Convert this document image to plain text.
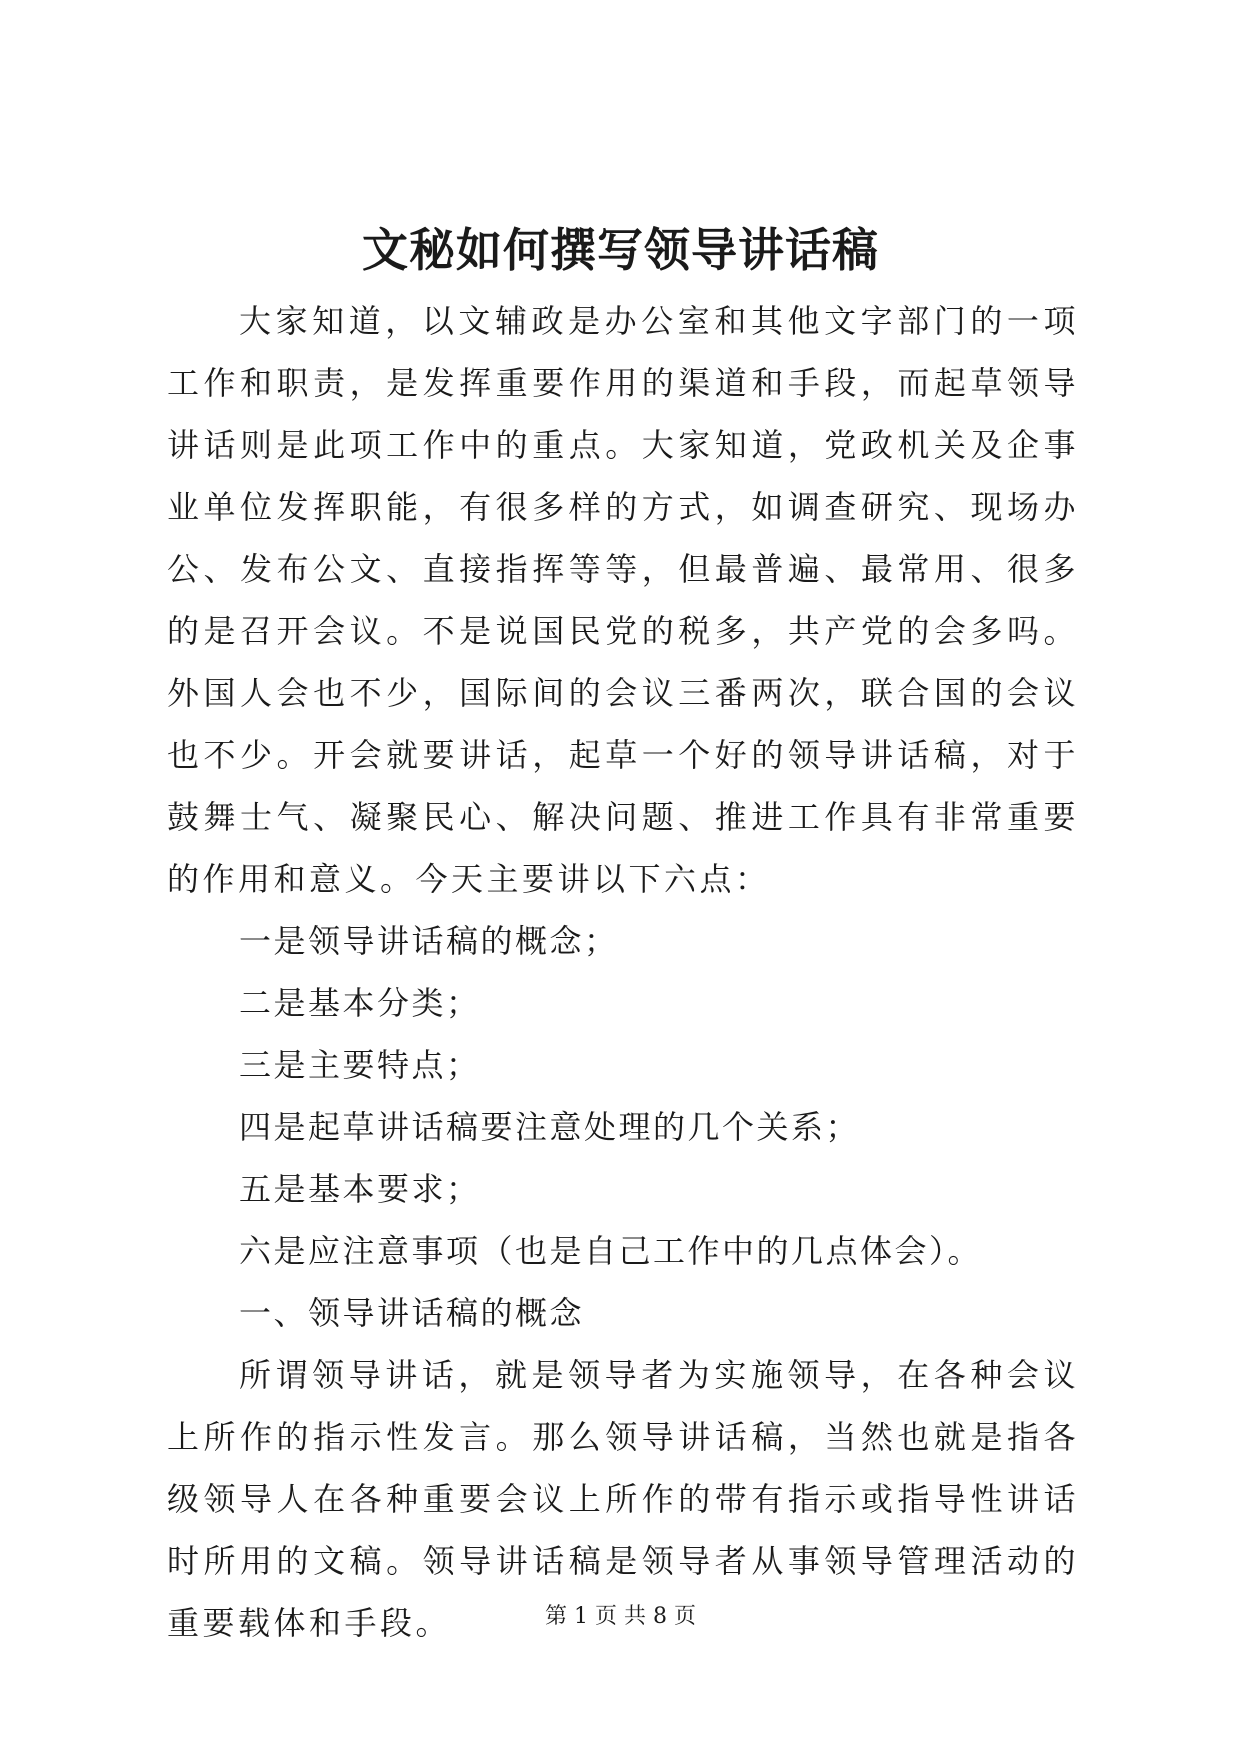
文秘如何撰写领导讲话稿

大家知道，以文辅政是办公室和其他文字部门的一项工作和职责，是发挥重要作用的渠道和手段，而起草领导讲话则是此项工作中的重点。大家知道，党政机关及企事业单位发挥职能，有很多样的方式，如调查研究、现场办公、发布公文、直接指挥等等，但最普遍、最常用、很多的是召开会议。不是说国民党的税多，共产党的会多吗。外国人会也不少，国际间的会议三番两次，联合国的会议也不少。开会就要讲话，起草一个好的领导讲话稿，对于鼓舞士气、凝聚民心、解决问题、推进工作具有非常重要的作用和意义。今天主要讲以下六点：

一是领导讲话稿的概念；

二是基本分类；

三是主要特点；

四是起草讲话稿要注意处理的几个关系；

五是基本要求；

六是应注意事项（也是自己工作中的几点体会）。

一、领导讲话稿的概念

所谓领导讲话，就是领导者为实施领导，在各种会议上所作的指示性发言。那么领导讲话稿，当然也就是指各级领导人在各种重要会议上所作的带有指示或指导性讲话时所用的文稿。领导讲话稿是领导者从事领导管理活动的重要载体和手段。	第 1 页 共 8 页
